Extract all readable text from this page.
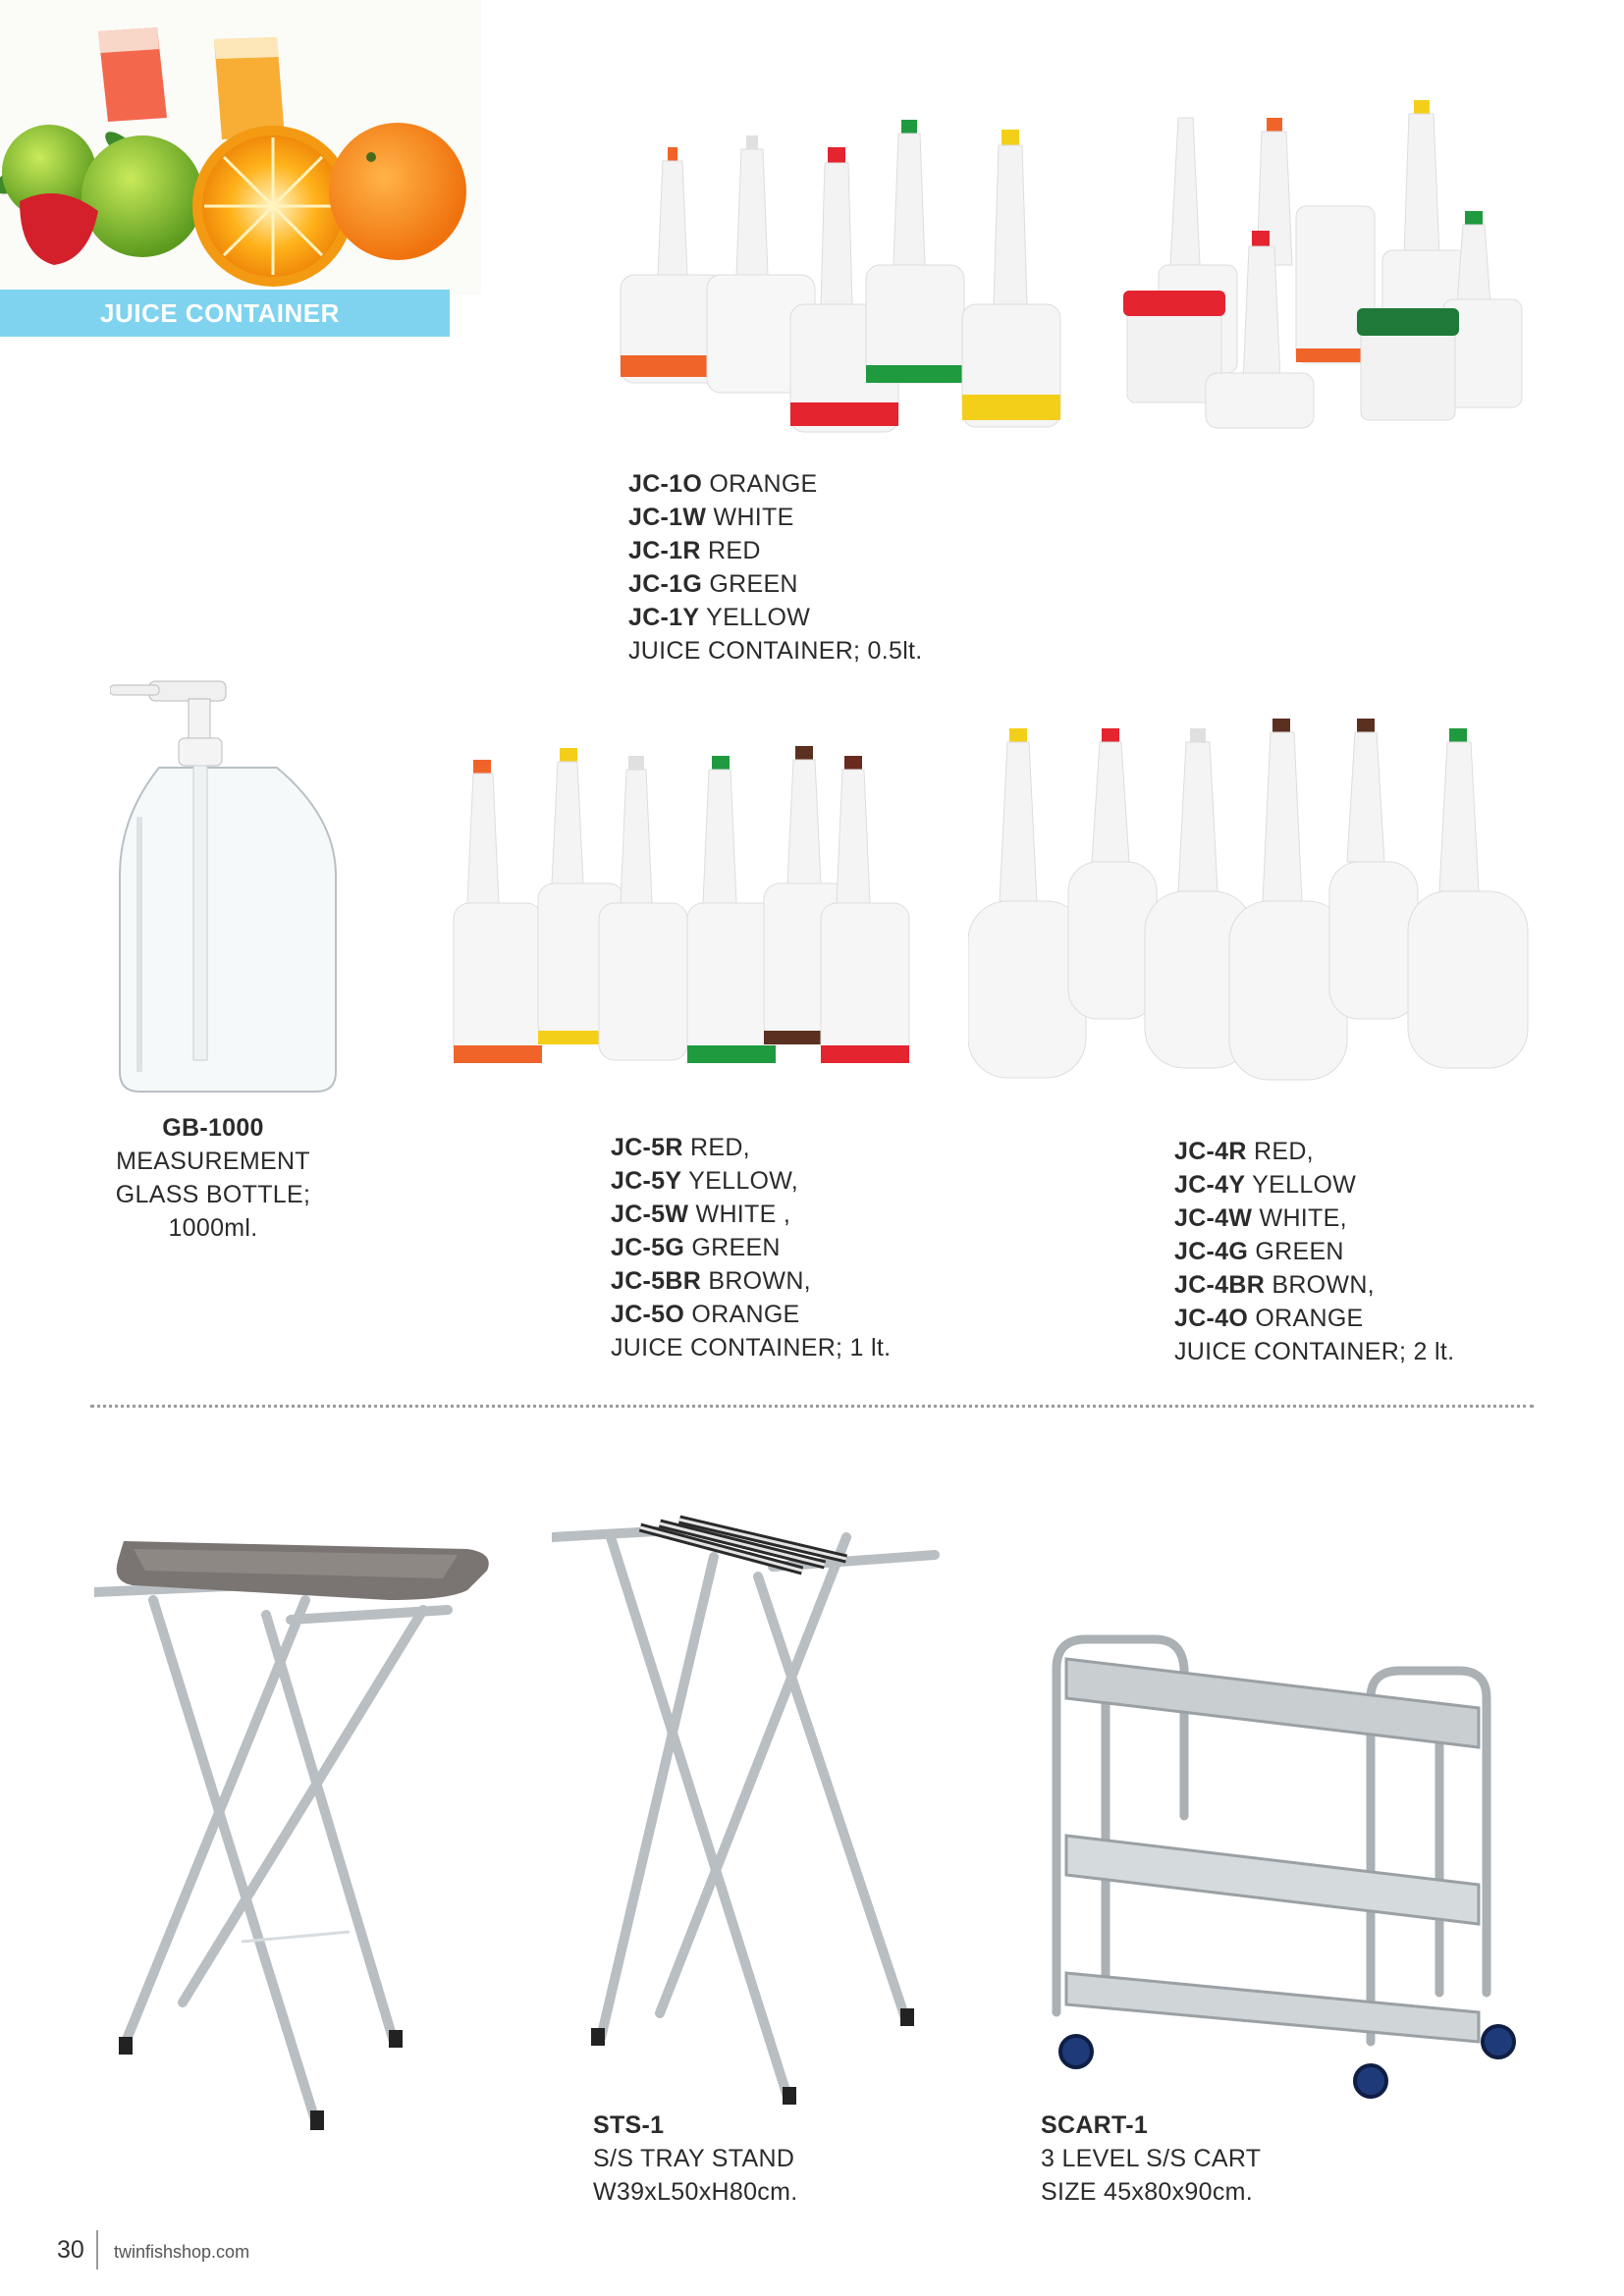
JUICE CONTAINER
JC-1O ORANGE
JC-1W WHITE
JC-1R RED
JC-1G GREEN
JC-1Y YELLOW
JUICE CONTAINER; 0.5lt.
GB-1000
MEASUREMENT
GLASS BOTTLE;
1000ml.
JC-5R RED,
JC-5Y YELLOW,
JC-5W WHITE ,
JC-5G GREEN
JC-5BR BROWN,
JC-5O ORANGE
JUICE CONTAINER; 1 lt.
JC-4R RED,
JC-4Y YELLOW
JC-4W WHITE,
JC-4G GREEN
JC-4BR BROWN,
JC-4O ORANGE
JUICE CONTAINER; 2 lt.
STS-1
S/S TRAY STAND
W39xL50xH80cm.
SCART-1
3 LEVEL S/S CART
SIZE 45x80x90cm.
30 twinfishshop.com
